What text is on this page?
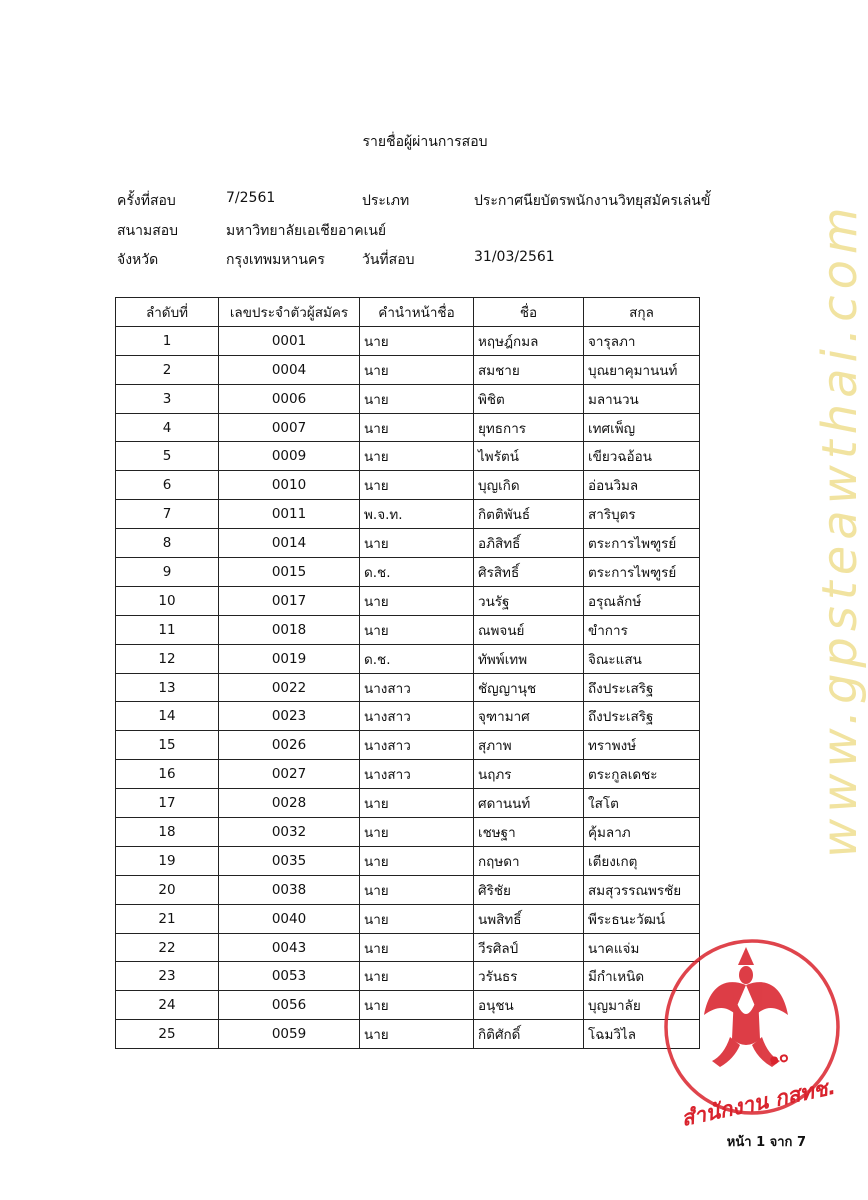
รายชื่อผู้ผ่านการสอบ
ครั้งที่สอบ	7/2561	ประเภท	ประกาศนียบัตรพนักงานวิทยุสมัครเล่นขั้
สนามสอบ	มหาวิทยาลัยเอเชียอาคเนย์
จังหวัด	กรุงเทพมหานคร	วันที่สอบ	31/03/2561
ลำดับที่	เลขประจำตัวผู้สมัคร	คำนำหน้าชื่อ	ชื่อ	สกุล
1	0001	นาย	หฤษฎ์กมล	จารุลภา
2	0004	นาย	สมชาย	บุณยาคุมานนท์
3	0006	นาย	พิชิต	มลานวน
4	0007	นาย	ยุทธการ	เทศเพ็ญ
5	0009	นาย	ไพรัตน์	เขียวฉอ้อน
6	0010	นาย	บุญเกิด	อ่อนวิมล
7	0011	พ.จ.ท.	กิตติพันธ์	สาริบุตร
8	0014	นาย	อภิสิทธิ์	ตระการไพฑูรย์
9	0015	ด.ช.	ศิรสิทธิ์	ตระการไพฑูรย์
10	0017	นาย	วนรัฐ	อรุณลักษ์
11	0018	นาย	ณพจนย์	ขำการ
12	0019	ด.ช.	ทัพพ์เทพ	จิณะแสน
13	0022	นางสาว	ชัญญานุช	ถึงประเสริฐ
14	0023	นางสาว	จุฑามาศ	ถึงประเสริฐ
15	0026	นางสาว	สุภาพ	ทราพงษ์
16	0027	นางสาว	นฤภร	ตระกูลเดชะ
17	0028	นาย	ศดานนท์	ใสโต
18	0032	นาย	เชษฐา	คุ้มลาภ
19	0035	นาย	กฤษดา	เตียงเกตุ
20	0038	นาย	ศิริชัย	สมสุวรรณพรชัย
21	0040	นาย	นพสิทธิ์	พีระธนะวัฒน์
22	0043	นาย	วีรศิลป์	นาคแจ่ม
23	0053	นาย	วรันธร	มีกำเหนิด
24	0056	นาย	อนุชน	บุญมาลัย
25	0059	นาย	กิติศักดิ์	โฉมวิไล
www.gpsteawthai.com
๑๐
สำนักงาน กสทช.
หน้า 1 จาก 7
